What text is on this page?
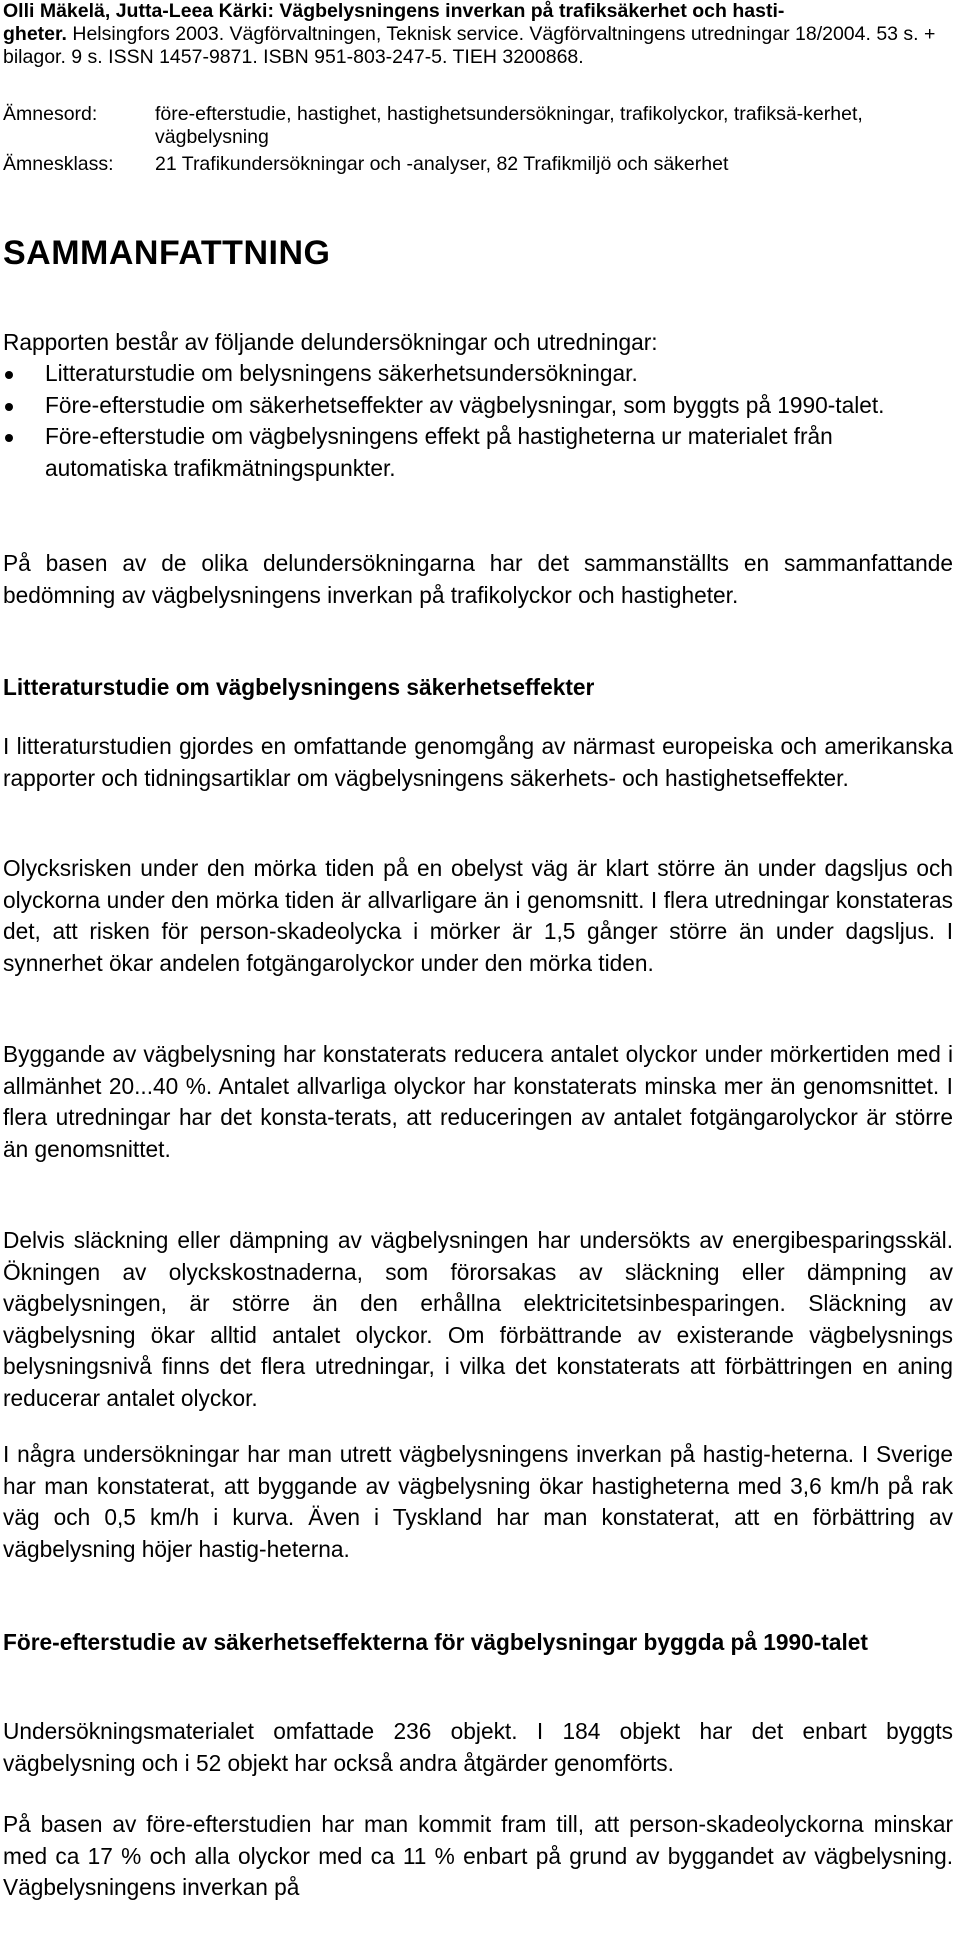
Olli Mäkelä, Jutta-Leea Kärki: Vägbelysningens inverkan på trafiksäkerhet och hasti-
gheter. Helsingfors 2003. Vägförvaltningen, Teknisk service. Vägförvaltningens utredningar 18/2004. 53 s. + bilagor. 9 s. ISSN 1457-9871. ISBN 951-803-247-5. TIEH 3200868.
Ämnesord:	före-efterstudie, hastighet, hastighetsundersökningar, trafikolyckor, trafiksä-kerhet, vägbelysning
Ämnesklass: 21 Trafikundersökningar och -analyser, 82 Trafikmiljö och säkerhet
SAMMANFATTNING

Rapporten består av följande delundersökningar och utredningar:

Litteraturstudie om belysningens säkerhetsundersökningar.
Före-efterstudie om säkerhetseffekter av vägbelysningar, som byggts på 1990-talet.
Före-efterstudie om vägbelysningens effekt på hastigheterna ur materialet från automatiska trafikmätningspunkter.

På basen av de olika delundersökningarna har det sammanställts en sammanfattande bedömning av vägbelysningens inverkan på trafikolyckor och hastigheter.

Litteraturstudie om vägbelysningens säkerhetseffekter

I litteraturstudien gjordes en omfattande genomgång av närmast europeiska och amerikanska rapporter och tidningsartiklar om vägbelysningens säkerhets- och hastighetseffekter.

Olycksrisken under den mörka tiden på en obelyst väg är klart större än under dagsljus och olyckorna under den mörka tiden är allvarligare än i genomsnitt. I flera utredningar konstateras det, att risken för person-skadeolycka i mörker är 1,5 gånger större än under dagsljus. I synnerhet ökar andelen fotgängarolyckor under den mörka tiden.

Byggande av vägbelysning har konstaterats reducera antalet olyckor under mörkertiden med i allmänhet 20...40 %. Antalet allvarliga olyckor har konstaterats minska mer än genomsnittet. I flera utredningar har det konsta-terats, att reduceringen av antalet fotgängarolyckor är större än genomsnittet.

Delvis släckning eller dämpning av vägbelysningen har undersökts av energibesparingsskäl. Ökningen av olyckskostnaderna, som förorsakas av släckning eller dämpning av vägbelysningen, är större än den erhållna elektricitetsinbesparingen. Släckning av vägbelysning ökar alltid antalet olyckor. Om förbättrande av existerande vägbelysnings belysningsnivå finns det flera utredningar, i vilka det konstaterats att förbättringen en aning reducerar antalet olyckor.

I några undersökningar har man utrett vägbelysningens inverkan på hastig-heterna. I Sverige har man konstaterat, att byggande av vägbelysning ökar hastigheterna med 3,6 km/h på rak väg och 0,5 km/h i kurva. Även i Tyskland har man konstaterat, att en förbättring av vägbelysning höjer hastig-heterna.

Före-efterstudie av säkerhetseffekterna för vägbelysningar byggda på 1990-talet

Undersökningsmaterialet omfattade 236 objekt. I 184 objekt har det enbart byggts vägbelysning och i 52 objekt har också andra åtgärder genomförts.

På basen av före-efterstudien har man kommit fram till, att person-skadeolyckorna minskar med ca 17 % och alla olyckor med ca 11 % enbart på grund av byggandet av vägbelysning. Vägbelysningens inverkan på
